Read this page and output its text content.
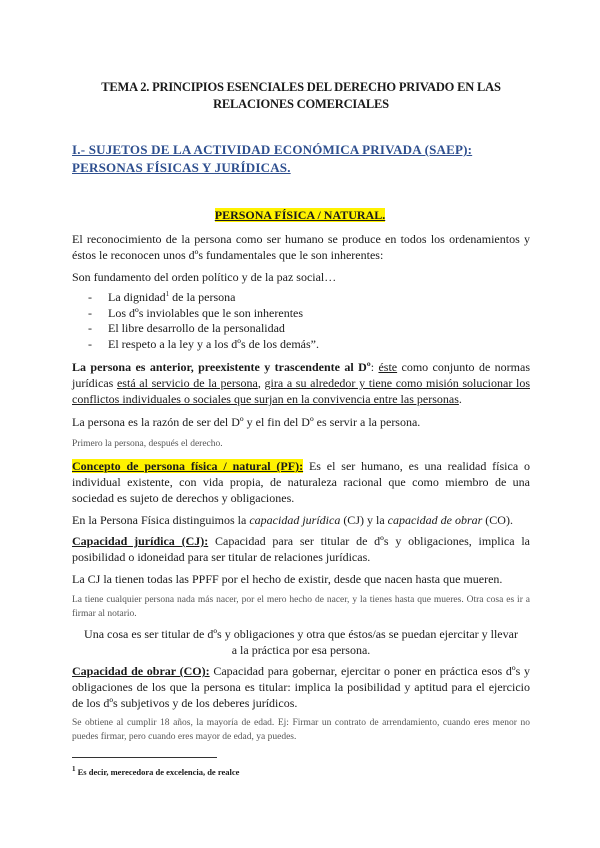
TEMA 2. PRINCIPIOS ESENCIALES DEL DERECHO PRIVADO EN LAS
RELACIONES COMERCIALES
I.- SUJETOS DE LA ACTIVIDAD ECONÓMICA PRIVADA (SAEP):
PERSONAS FÍSICAS Y JURÍDICAS.
PERSONA FÍSICA / NATURAL.
El reconocimiento de la persona como ser humano se produce en todos los ordenamientos y éstos le reconocen unos dºs fundamentales que le son inherentes:
Son fundamento del orden político y de la paz social…
-	La dignidad$^1$ de la persona
-	Los dºs inviolables que le son inherentes
-	El libre desarrollo de la personalidad
-	El respeto a la ley y a los dºs de los demás”.
La persona es anterior, preexistente y trascendente al Dº: éste como conjunto de normas jurídicas está al servicio de la persona, gira a su alrededor y tiene como misión solucionar los conflictos individuales o sociales que surjan en la convivencia entre las personas.
La persona es la razón de ser del Dº y el fin del Dº es servir a la persona.
Primero la persona, después el derecho.
Concepto de persona física / natural (PF): Es el ser humano, es una realidad física o individual existente, con vida propia, de naturaleza racional que como miembro de una sociedad es sujeto de derechos y obligaciones.
En la Persona Física distinguimos la capacidad jurídica (CJ) y la capacidad de obrar (CO).
Capacidad jurídica (CJ): Capacidad para ser titular de dºs y obligaciones, implica la posibilidad o idoneidad para ser titular de relaciones jurídicas.
La CJ la tienen todas las PPFF por el hecho de existir, desde que nacen hasta que mueren.
La tiene cualquier persona nada más nacer, por el mero hecho de nacer, y la tienes hasta que mueres. Otra cosa es ir a firmar al notario.
Una cosa es ser titular de dºs y obligaciones y otra que éstos/as se puedan ejercitar y llevar a la práctica por esa persona.
Capacidad de obrar (CO): Capacidad para gobernar, ejercitar o poner en práctica esos dºs y obligaciones de los que la persona es titular: implica la posibilidad y aptitud para el ejercicio de los dºs subjetivos y de los deberes jurídicos.
Se obtiene al cumplir 18 años, la mayoría de edad. Ej: Firmar un contrato de arrendamiento, cuando eres menor no puedes firmar, pero cuando eres mayor de edad, ya puedes.
$^1$ Es decir, merecedora de excelencia, de realce
